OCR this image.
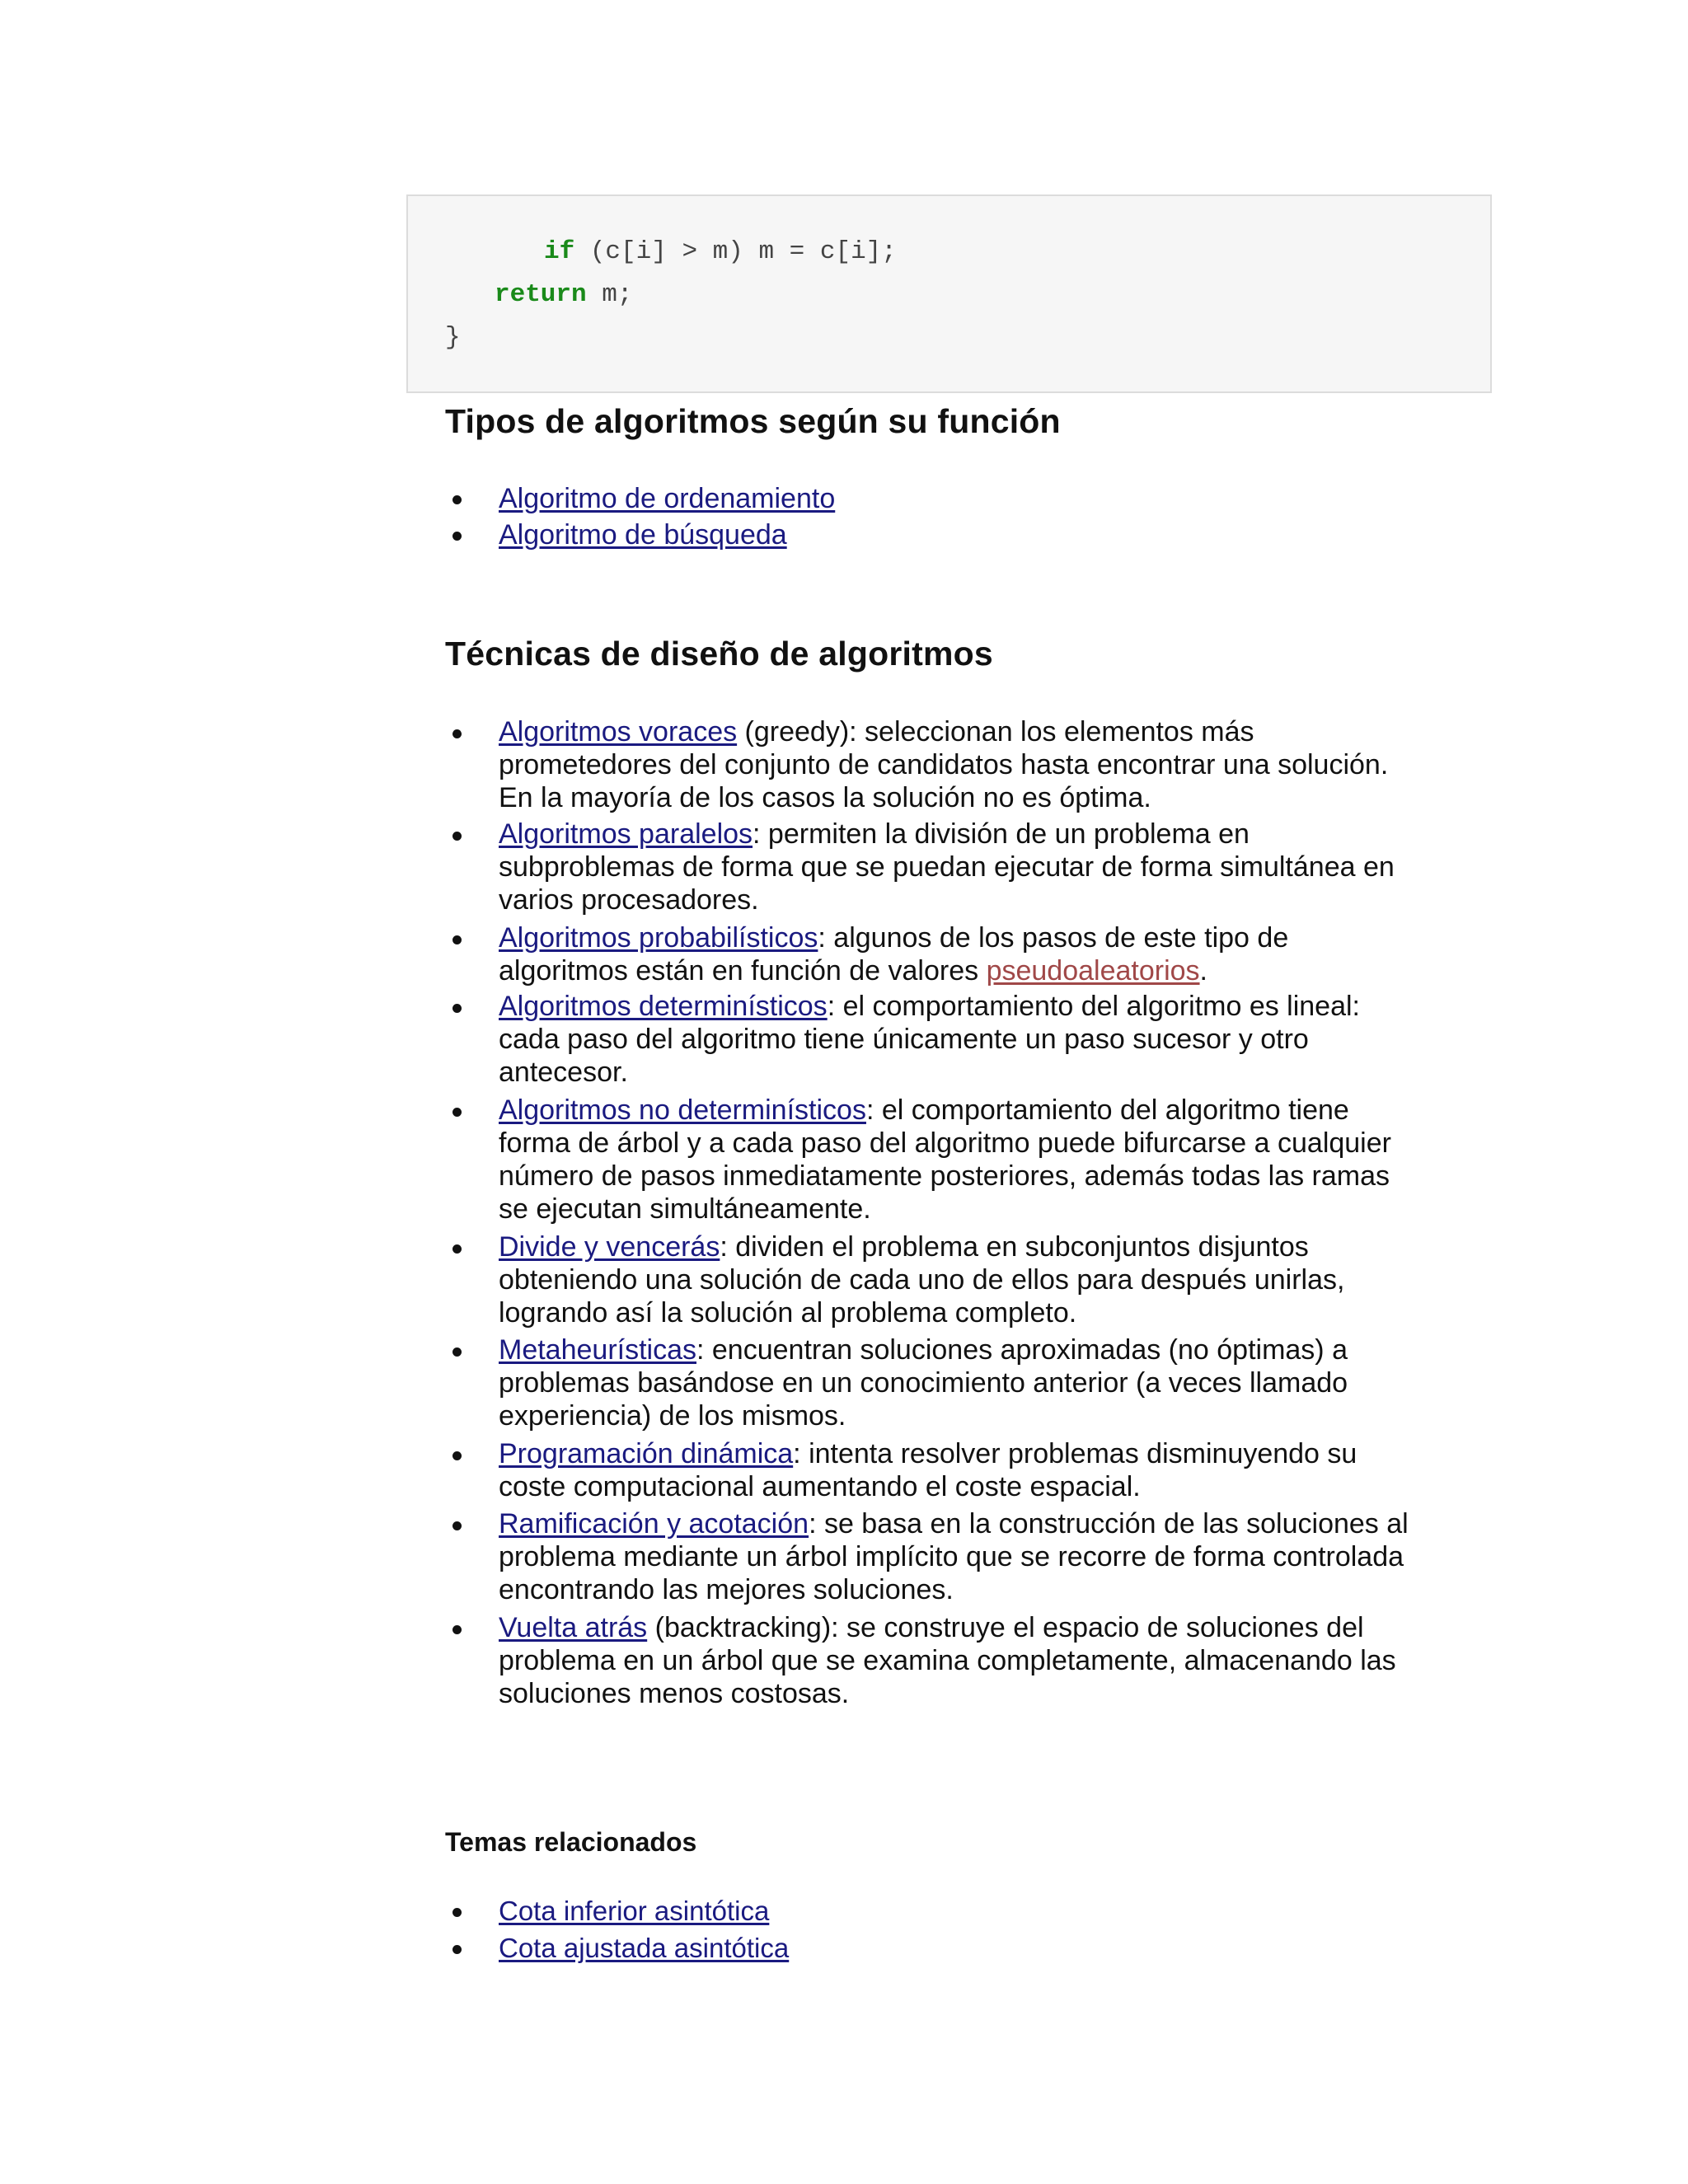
if (c[i] > m) m = c[i];
return m;
}
Tipos de algoritmos según su función
Algoritmo de ordenamiento
Algoritmo de búsqueda
Técnicas de diseño de algoritmos
Algoritmos voraces (greedy): seleccionan los elementos más
prometedores del conjunto de candidatos hasta encontrar una solución.
En la mayoría de los casos la solución no es óptima.
Algoritmos paralelos: permiten la división de un problema en
subproblemas de forma que se puedan ejecutar de forma simultánea en
varios procesadores.
Algoritmos probabilísticos: algunos de los pasos de este tipo de
algoritmos están en función de valores pseudoaleatorios.
Algoritmos determinísticos: el comportamiento del algoritmo es lineal:
cada paso del algoritmo tiene únicamente un paso sucesor y otro
antecesor.
Algoritmos no determinísticos: el comportamiento del algoritmo tiene
forma de árbol y a cada paso del algoritmo puede bifurcarse a cualquier
número de pasos inmediatamente posteriores, además todas las ramas
se ejecutan simultáneamente.
Divide y vencerás: dividen el problema en subconjuntos disjuntos
obteniendo una solución de cada uno de ellos para después unirlas,
logrando así la solución al problema completo.
Metaheurísticas: encuentran soluciones aproximadas (no óptimas) a
problemas basándose en un conocimiento anterior (a veces llamado
experiencia) de los mismos.
Programación dinámica: intenta resolver problemas disminuyendo su
coste computacional aumentando el coste espacial.
Ramificación y acotación: se basa en la construcción de las soluciones al
problema mediante un árbol implícito que se recorre de forma controlada
encontrando las mejores soluciones.
Vuelta atrás (backtracking): se construye el espacio de soluciones del
problema en un árbol que se examina completamente, almacenando las
soluciones menos costosas.
Temas relacionados
Cota inferior asintótica
Cota ajustada asintótica
